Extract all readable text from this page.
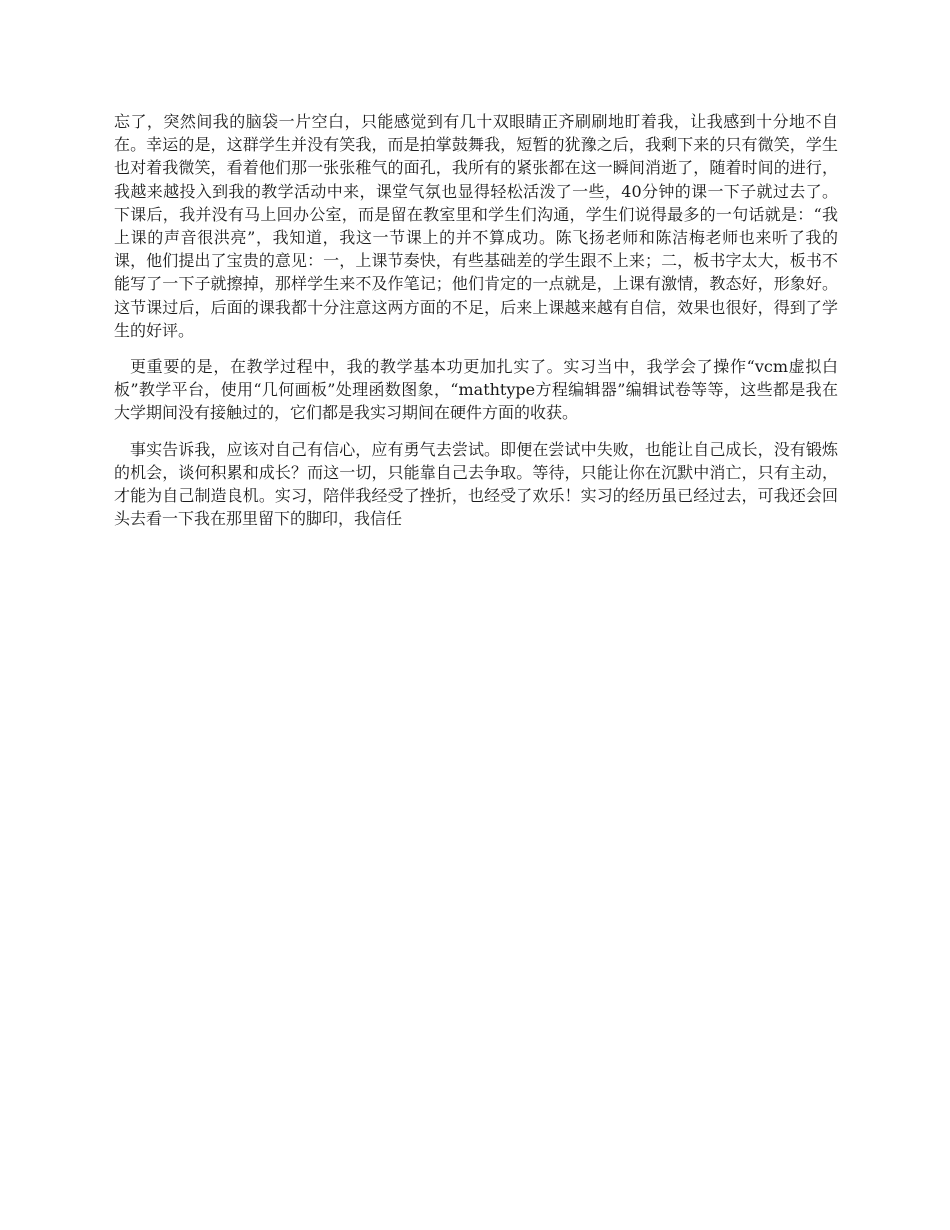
忘了，突然间我的脑袋一片空白，只能感觉到有几十双眼睛正齐刷刷地盯着我，让我感到十分地不自在。幸运的是，这群学生并没有笑我，而是拍掌鼓舞我，短暂的犹豫之后，我剩下来的只有微笑，学生也对着我微笑，看着他们那一张张稚气的面孔，我所有的紧张都在这一瞬间消逝了，随着时间的进行，我越来越投入到我的教学活动中来，课堂气氛也显得轻松活泼了一些，40分钟的课一下子就过去了。下课后，我并没有马上回办公室，而是留在教室里和学生们沟通，学生们说得最多的一句话就是：“我上课的声音很洪亮”，我知道，我这一节课上的并不算成功。陈飞扬老师和陈洁梅老师也来听了我的课，他们提出了宝贵的意见：一，上课节奏快，有些基础差的学生跟不上来；二，板书字太大，板书不能写了一下子就擦掉，那样学生来不及作笔记；他们肯定的一点就是，上课有激情，教态好，形象好。这节课过后，后面的课我都十分注意这两方面的不足，后来上课越来越有自信，效果也很好，得到了学生的好评。

更重要的是，在教学过程中，我的教学基本功更加扎实了。实习当中，我学会了操作“vcm虚拟白板”教学平台，使用“几何画板”处理函数图象，“mathtype方程编辑器”编辑试卷等等，这些都是我在大学期间没有接触过的，它们都是我实习期间在硬件方面的收获。

事实告诉我，应该对自己有信心，应有勇气去尝试。即便在尝试中失败，也能让自己成长，没有锻炼的机会，谈何积累和成长？而这一切，只能靠自己去争取。等待，只能让你在沉默中消亡，只有主动，才能为自己制造良机。实习，陪伴我经受了挫折，也经受了欢乐！实习的经历虽已经过去，可我还会回头去看一下我在那里留下的脚印，我信任
